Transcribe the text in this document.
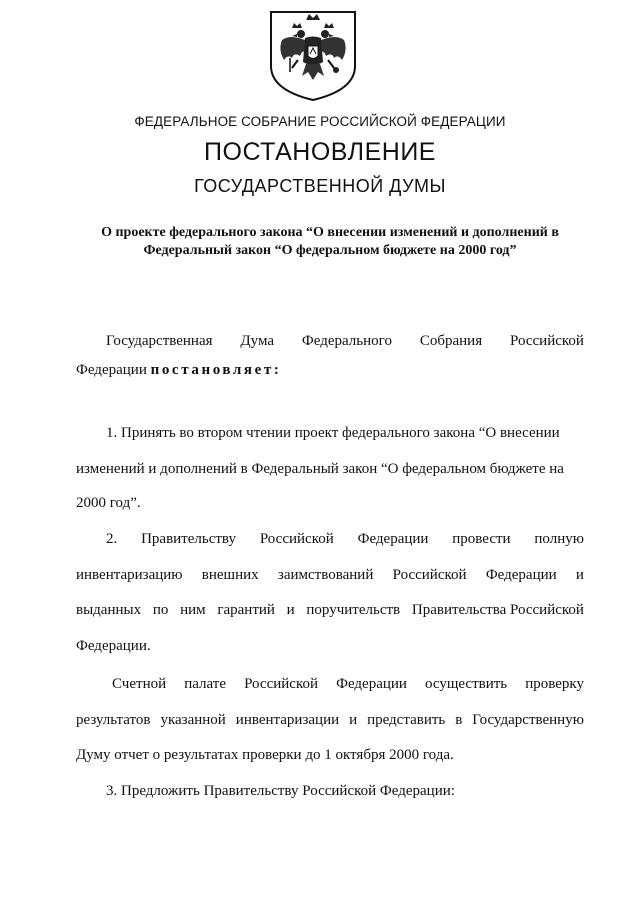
ФЕДЕРАЛЬНОЕ СОБРАНИЕ РОССИЙСКОЙ ФЕДЕРАЦИИ
ПОСТАНОВЛЕНИЕ
ГОСУДАРСТВЕННОЙ ДУМЫ
О проекте федерального закона “О внесении изменений и дополнений в
Федеральный закон “О федеральном бюджете на 2000 год”
Государственная Дума Федерального Собрания Российской
Федерации постановляет:
1. Принять во втором чтении проект федерального закона “О внесении
изменений и дополнений в Федеральный закон “О федеральном бюджете на
2000 год”.
2. Правительству Российской Федерации провести полную
инвентаризацию внешних заимствований Российской Федерации и
выданных по ним гарантий и поручительств Правительства Российской
Федерации.
Счетной палате Российской Федерации осуществить проверку
результатов указанной инвентаризации и представить в Государственную
Думу отчет о результатах проверки до 1 октября 2000 года.
3. Предложить Правительству Российской Федерации:
